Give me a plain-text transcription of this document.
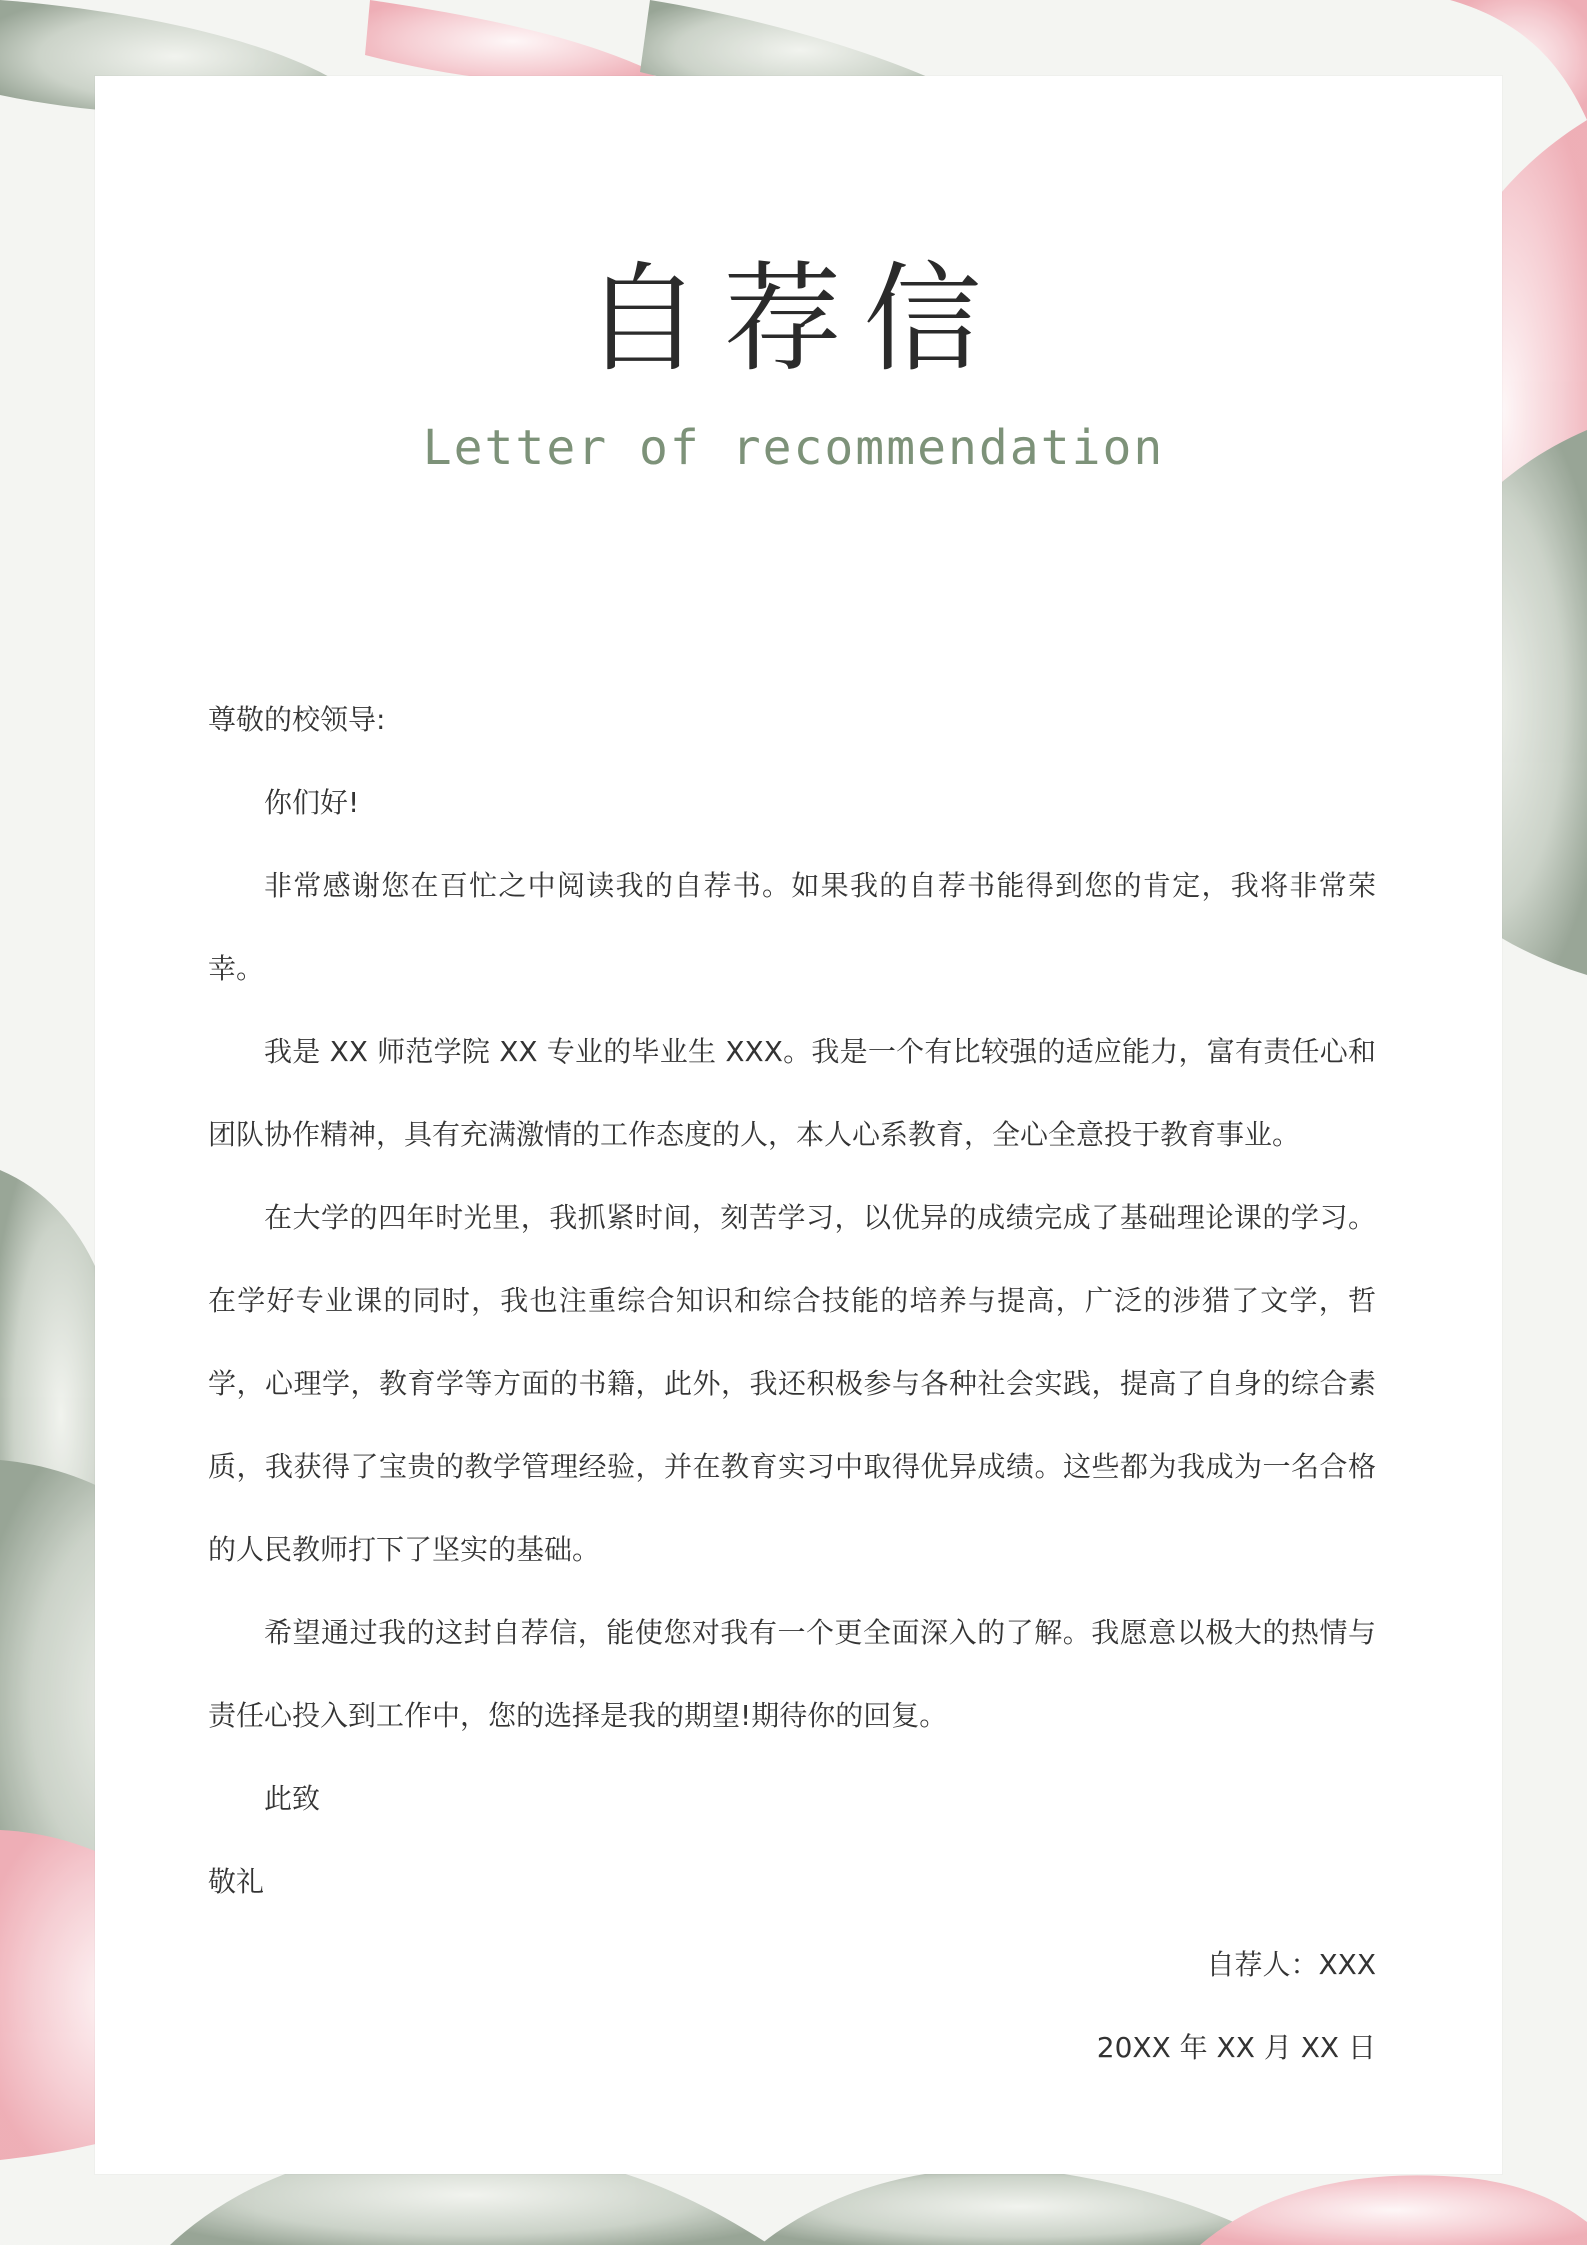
自荐信
Letter of recommendation

尊敬的校领导:

你们好!

非常感谢您在百忙之中阅读我的自荐书。如果我的自荐书能得到您的肯定，我将非常荣幸。

我是 XX 师范学院 XX 专业的毕业生 XXX。我是一个有比较强的适应能力，富有责任心和团队协作精神，具有充满激情的工作态度的人，本人心系教育，全心全意投于教育事业。

在大学的四年时光里，我抓紧时间，刻苦学习，以优异的成绩完成了基础理论课的学习。在学好专业课的同时，我也注重综合知识和综合技能的培养与提高，广泛的涉猎了文学，哲学，心理学，教育学等方面的书籍，此外，我还积极参与各种社会实践，提高了自身的综合素质，我获得了宝贵的教学管理经验，并在教育实习中取得优异成绩。这些都为我成为一名合格的人民教师打下了坚实的基础。

希望通过我的这封自荐信，能使您对我有一个更全面深入的了解。我愿意以极大的热情与责任心投入到工作中，您的选择是我的期望!期待你的回复。

此致

敬礼

自荐人：XXX

20XX 年 XX 月 XX 日
